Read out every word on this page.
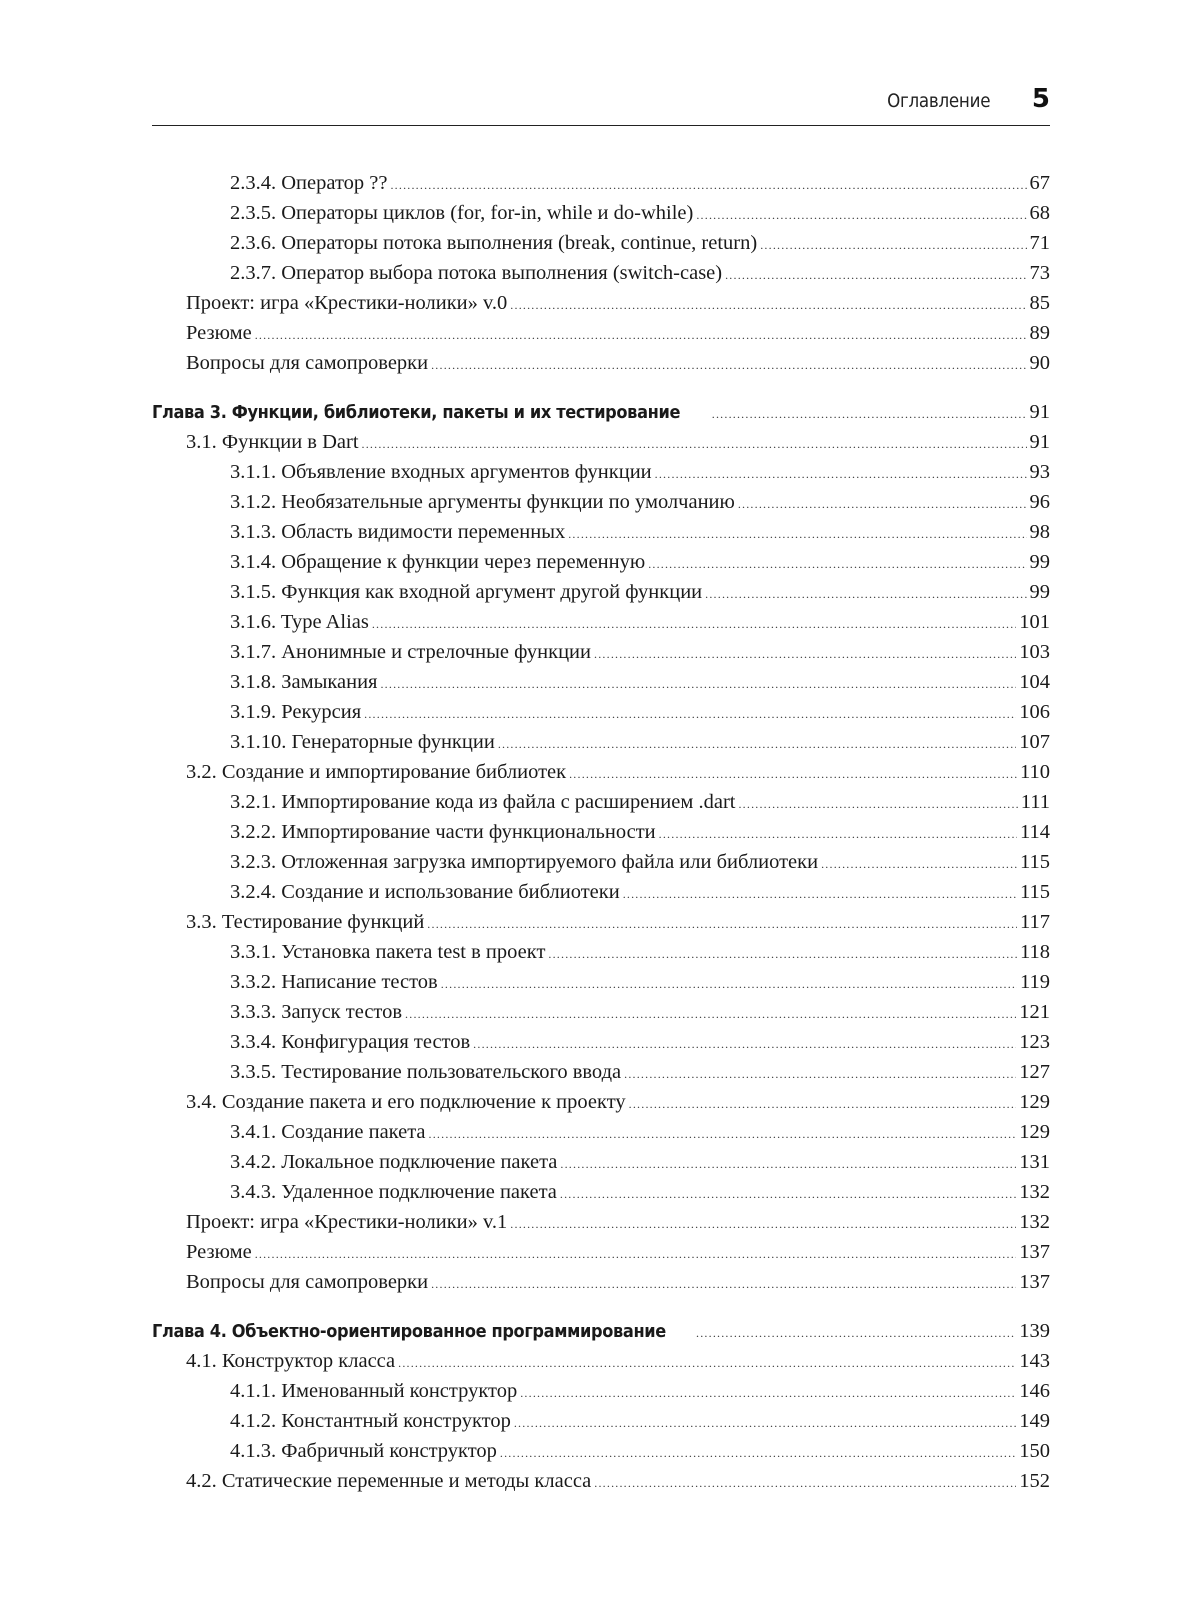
Оглавление 5
2.3.4. Оператор ?? .....	67
2.3.5. Операторы циклов (for, for-in, while и do-while) .....	68
2.3.6. Операторы потока выполнения (break, continue, return) .....	71
2.3.7. Оператор выбора потока выполнения (switch-case) .....	73
Проект: игра «Крестики-нолики» v.0 .....	85
Резюме .....	89
Вопросы для самопроверки .....	90
Глава 3. Функции, библиотеки, пакеты и их тестирование .....	91
3.1. Функции в Dart .....	91
3.1.1. Объявление входных аргументов функции .....	93
3.1.2. Необязательные аргументы функции по умолчанию .....	96
3.1.3. Область видимости переменных .....	98
3.1.4. Обращение к функции через переменную .....	99
3.1.5. Функция как входной аргумент другой функции .....	99
3.1.6. Type Alias .....	101
3.1.7. Анонимные и стрелочные функции .....	103
3.1.8. Замыкания .....	104
3.1.9. Рекурсия .....	106
3.1.10. Генераторные функции .....	107
3.2. Создание и импортирование библиотек .....	110
3.2.1. Импортирование кода из файла с расширением .dart .....	111
3.2.2. Импортирование части функциональности .....	114
3.2.3. Отложенная загрузка импортируемого файла или библиотеки .....	115
3.2.4. Создание и использование библиотеки .....	115
3.3. Тестирование функций .....	117
3.3.1. Установка пакета test в проект .....	118
3.3.2. Написание тестов .....	119
3.3.3. Запуск тестов .....	121
3.3.4. Конфигурация тестов .....	123
3.3.5. Тестирование пользовательского ввода .....	127
3.4. Создание пакета и его подключение к проекту .....	129
3.4.1. Создание пакета .....	129
3.4.2. Локальное подключение пакета .....	131
3.4.3. Удаленное подключение пакета .....	132
Проект: игра «Крестики-нолики» v.1 .....	132
Резюме .....	137
Вопросы для самопроверки .....	137
Глава 4. Объектно-ориентированное программирование .....	139
4.1. Конструктор класса .....	143
4.1.1. Именованный конструктор .....	146
4.1.2. Константный конструктор .....	149
4.1.3. Фабричный конструктор .....	150
4.2. Статические переменные и методы класса .....	152
